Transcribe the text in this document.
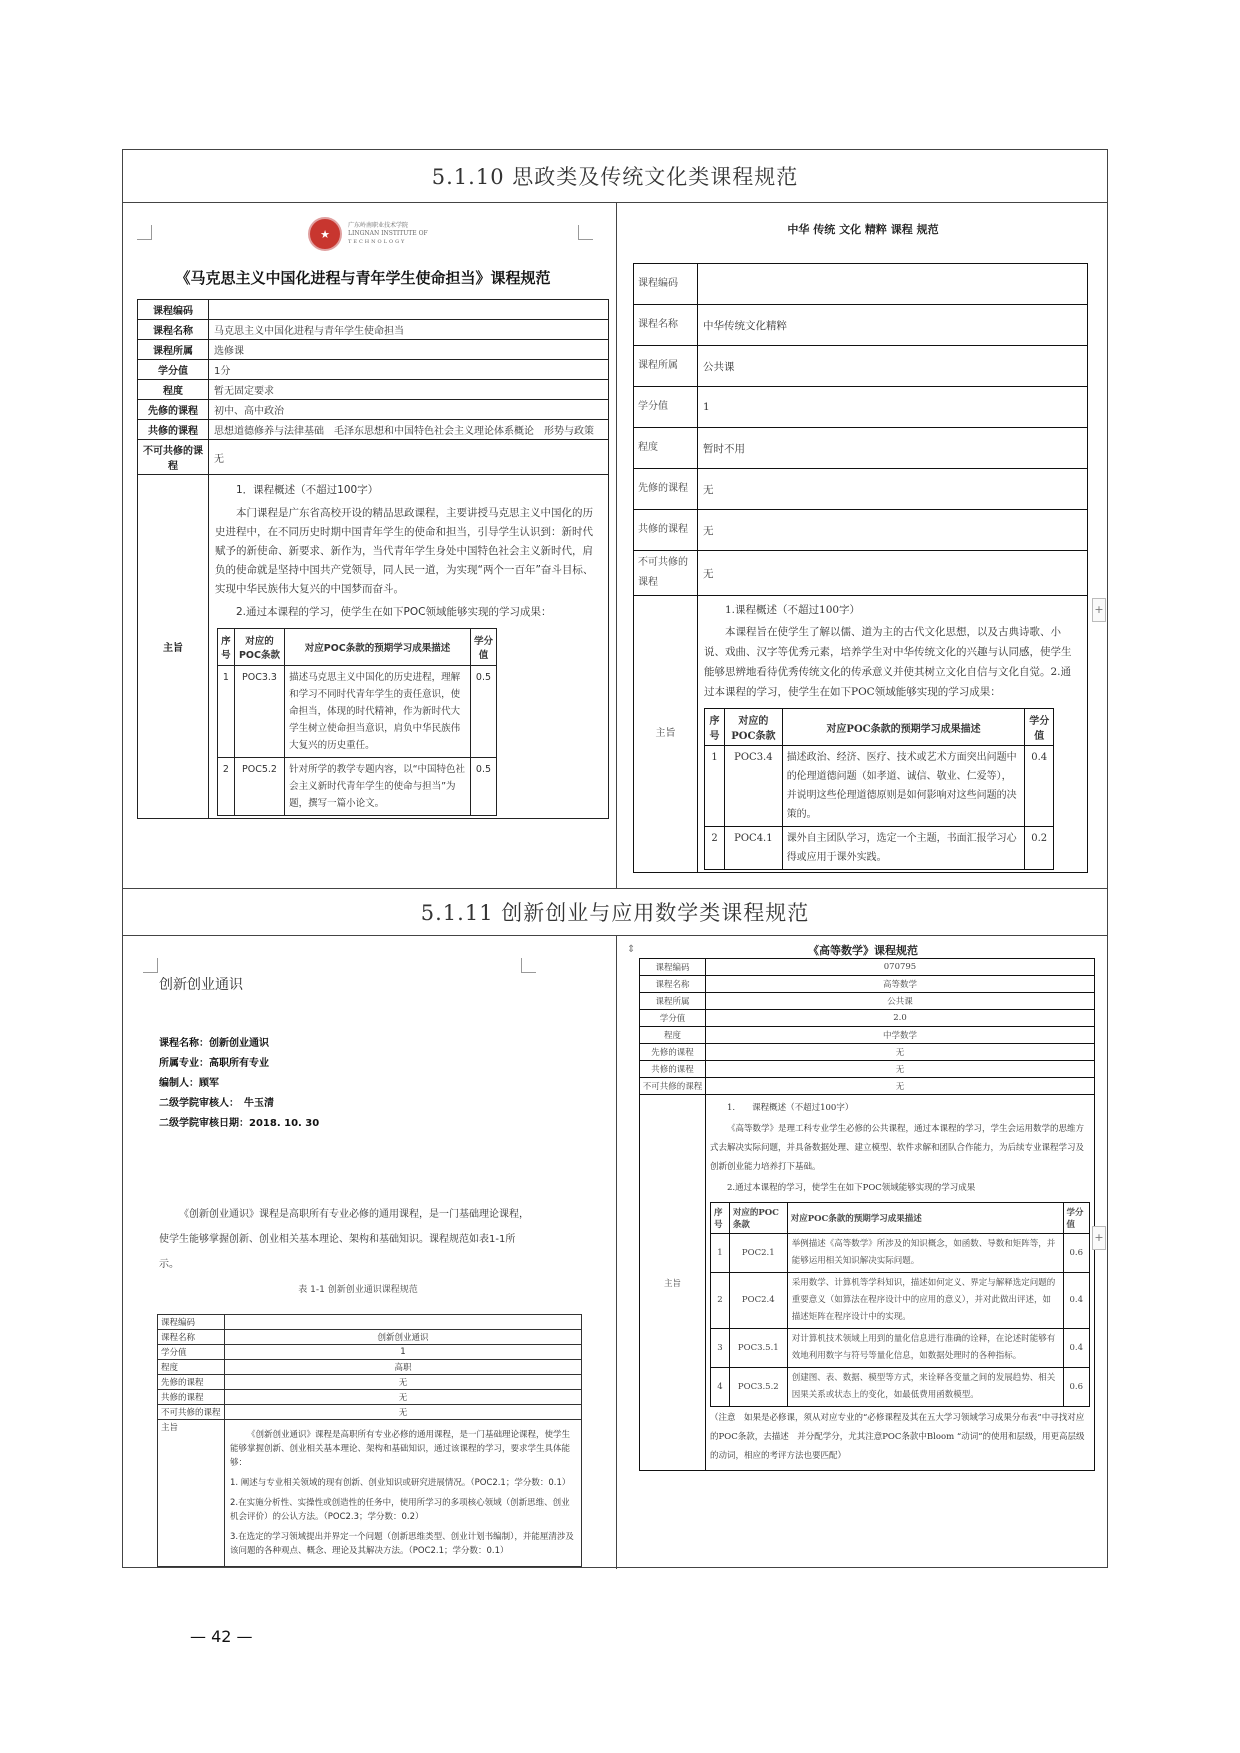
5.1.10 思政类及传统文化类课程规范
5.1.11 创新创业与应用数学类课程规范
★
广东岭南职业技术学院
LINGNAN INSTITUTE OF
TECHNOLOGY
《马克思主义中国化进程与青年学生使命担当》课程规范
课程编码	
课程名称	马克思主义中国化进程与青年学生使命担当
课程所属	选修课
学分值	1分
程度	暂无固定要求
先修的课程	初中、高中政治
共修的课程	思想道德修养与法律基础　毛泽东思想和中国特色社会主义理论体系概论　形势与政策
不可共修的课程	无
主旨	

1．课程概述（不超过100字）

本门课程是广东省高校开设的精品思政课程，主要讲授马克思主义中国化的历史进程中，在不同历史时期中国青年学生的使命和担当，引导学生认识到：新时代赋予的新使命、新要求、新作为，当代青年学生身处中国特色社会主义新时代，肩负的使命就是坚持中国共产党领导，同人民一道，为实现“两个一百年”奋斗目标、实现中华民族伟大复兴的中国梦而奋斗。

2.通过本课程的学习，使学生在如下POC领域能够实现的学习成果：

序号	对应的POC条款	对应POC条款的预期学习成果描述	学分值
1	POC3.3	描述马克思主义中国化的历史进程，理解和学习不同时代青年学生的责任意识，使命担当，体现的时代精神，作为新时代大学生树立使命担当意识，肩负中华民族伟大复兴的历史重任。	0.5
2	POC5.2	针对所学的教学专题内容，以“中国特色社会主义新时代青年学生的使命与担当”为题，撰写一篇小论文。	0.5
中华 传统 文化 精粹 课程 规范
课程编码	
课程名称	中华传统文化精粹
课程所属	公共课
学分值	1
程度	暂时不用
先修的课程	无
共修的课程	无
不可共修的课程	无
主旨	

1.课程概述（不超过100字）

本课程旨在使学生了解以儒、道为主的古代文化思想，以及古典诗歌、小说、戏曲、汉字等优秀元素，培养学生对中华传统文化的兴趣与认同感，使学生能够思辨地看待优秀传统文化的传承意义并使其树立文化自信与文化自觉。2.通过本课程的学习，使学生在如下POC领域能够实现的学习成果：

序号	对应的POC条款	对应POC条款的预期学习成果描述	学分值
1	POC3.4	描述政治、经济、医疗、技术或艺术方面突出问题中的伦理道德问题（如孝道、诚信、敬业、仁爱等），并说明这些伦理道德原则是如何影响对这些问题的决策的。	0.4
2	POC4.1	课外自主团队学习，选定一个主题，书面汇报学习心得或应用于课外实践。	0.2
+
创新创业通识
课程名称：创新创业通识
所属专业：高职所有专业
编制人：顾军
二级学院审核人：　牛玉清
二级学院审核日期：2018. 10. 30
《创新创业通识》课程是高职所有专业必修的通用课程，是一门基础理论课程，使学生能够掌握创新、创业相关基本理论、架构和基础知识。课程规范如表1-1所示。
表 1-1 创新创业通识课程规范
课程编码	
课程名称	创新创业通识
学分值	1
程度	高职
先修的课程	无
共修的课程	无
不可共修的课程	无
主旨	《创新创业通识》课程是高职所有专业必修的通用课程，是一门基础理论课程，使学生能够掌握创新、创业相关基本理论、架构和基础知识，通过该课程的学习，要求学生具体能够：

1. 阐述与专业相关领域的现有创新、创业知识或研究进展情况。（POC2.1；学分数：0.1）

2.在实施分析性、实操性或创造性的任务中，使用所学习的多项核心领域（创新思维、创业机会评价）的公认方法。（POC2.3；学分数：0.2）

3.在选定的学习领域提出并界定一个问题（创新思维类型、创业计划书编制），并能厘清涉及该问题的各种观点、概念、理论及其解决方法。（POC2.1；学分数：0.1）

⇕	《高等数学》课程规范
课程编码	070795
课程名称	高等数学
课程所属	公共课
学分值	2.0
程度	中学数学
先修的课程	无
共修的课程	无
不可共修的课程	无
主旨	

1.　　课程概述（不超过100字）

《高等数学》是理工科专业学生必修的公共课程，通过本课程的学习，学生会运用数学的思维方式去解决实际问题，并具备数据处理、建立模型、软件求解和团队合作能力，为后续专业课程学习及创新创业能力培养打下基础。

2.通过本课程的学习，使学生在如下POC领域能够实现的学习成果

序号	对应的POC条款	对应POC条款的预期学习成果描述	学分值
1	POC2.1	举例描述《高等数学》所涉及的知识概念，如函数、导数和矩阵等，并能够运用相关知识解决实际问题。	0.6
2	POC2.4	采用数学、计算机等学科知识，描述如何定义、界定与解释选定问题的重要意义（如算法在程序设计中的应用的意义），并对此做出评述，如描述矩阵在程序设计中的实现。	0.4
3	POC3.5.1	对计算机技术领域上用到的量化信息进行准确的诠释，在论述时能够有效地利用数字与符号等量化信息，如数据处理时的各种指标。	0.4
4	POC3.5.2	创建图、表、数据、模型等方式，来诠释各变量之间的发展趋势、相关因果关系或状态上的变化，如最低费用函数模型。	0.6

（注意　如果是必修课，须从对应专业的“必修课程及其在五大学习领域学习成果分布表”中寻找对应的POC条款，去描述　并分配学分，尤其注意POC条款中Bloom “动词”的使用和层级，用更高层级的动词，相应的考评方法也要匹配）

+
— 42 —
